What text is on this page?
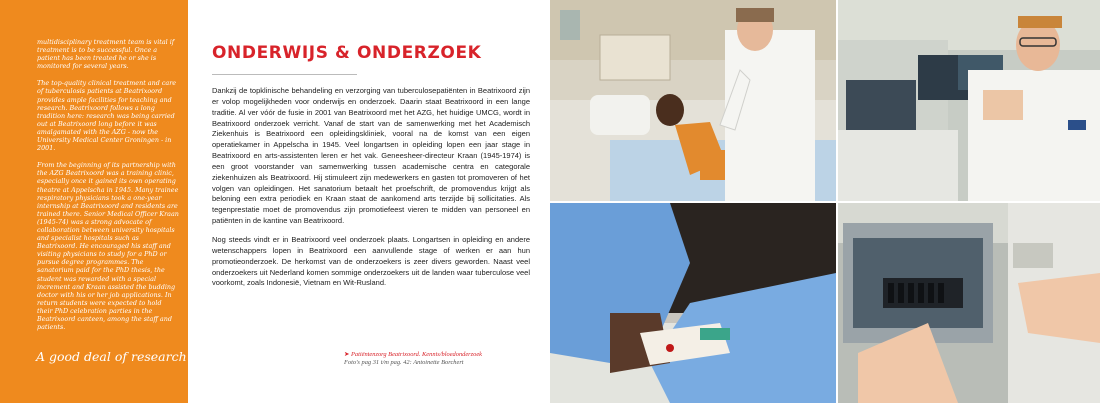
multidisciplinary treatment team is vital if treatment is to be successful. Once a patient has been treated he or she is monitored for several years.

The top-quality clinical treatment and care of tuberculosis patients at Beatrixoord provides ample facilities for teaching and research. Beatrixoord follows a long tradition here: research was being carried out at Beatrixoord long before it was amalgamated with the AZG - now the University Medical Center Groningen - in 2001.

From the beginning of its partnership with the AZG Beatrixoord was a training clinic, especially once it gained its own operating theatre at Appelscha in 1945. Many trainee respiratory physicians took a one-year internship at Beatrixoord and residents are trained there. Senior Medical Officer Kraan (1945-74) was a strong advocate of collaboration between university hospitals and specialist hospitals such as Beatrixoord. He encouraged his staff and visiting physicians to study for a PhD or pursue degree programmes. The sanatorium paid for the PhD thesis, the student was rewarded with a special increment and Kraan assisted the budding doctor with his or her job applications. In return students were expected to hold their PhD celebration parties in the Beatrixoord canteen, among the staff and patients.

A good deal of research
ONDERWIJS & ONDERZOEK

Dankzij de topklinische behandeling en verzorging van tuberculosepatiënten in Beatrixoord zijn er volop mogelijkheden voor onderwijs en onderzoek. Daarin staat Beatrixoord in een lange traditie. Al ver vóór de fusie in 2001 van Beatrixoord met het AZG, het huidige UMCG, wordt in Beatrixoord onderzoek verricht. Vanaf de start van de samenwerking met het Academisch Ziekenhuis is Beatrixoord een opleidingskliniek, vooral na de komst van een eigen operatiekamer in Appelscha in 1945. Veel longartsen in opleiding lopen een jaar stage in Beatrixoord en arts-assistenten leren er het vak. Geneesheer-directeur Kraan (1945-1974) is een groot voorstander van samenwerking tussen academische centra en categorale ziekenhuizen als Beatrixoord. Hij stimuleert zijn medewerkers en gasten tot promoveren of het volgen van opleidingen. Het sanatorium betaalt het proefschrift, de promovendus krijgt als beloning een extra periodiek en Kraan staat de aankomend arts terzijde bij sollicitaties. Als tegenprestatie moet de promovendus zijn promotiefeest vieren te midden van personeel en patiënten in de kantine van Beatrixoord.

Nog steeds vindt er in Beatrixoord veel onderzoek plaats. Longartsen in opleiding en andere wetenschappers lopen in Beatrixoord een aanvullende stage of werken er aan hun promotieonderzoek. De herkomst van de onderzoekers is zeer divers geworden. Naast veel onderzoekers uit Nederland komen sommige onderzoekers uit de landen waar tuberculose veel voorkomt, zoals Indonesië, Vietnam en Wit-Rusland.

➤ Patiëntenzorg Beatrixoord. Kennis/bloedonderzoek
Foto's pag 31 t/m pag. 42: Antoinette Borchert
